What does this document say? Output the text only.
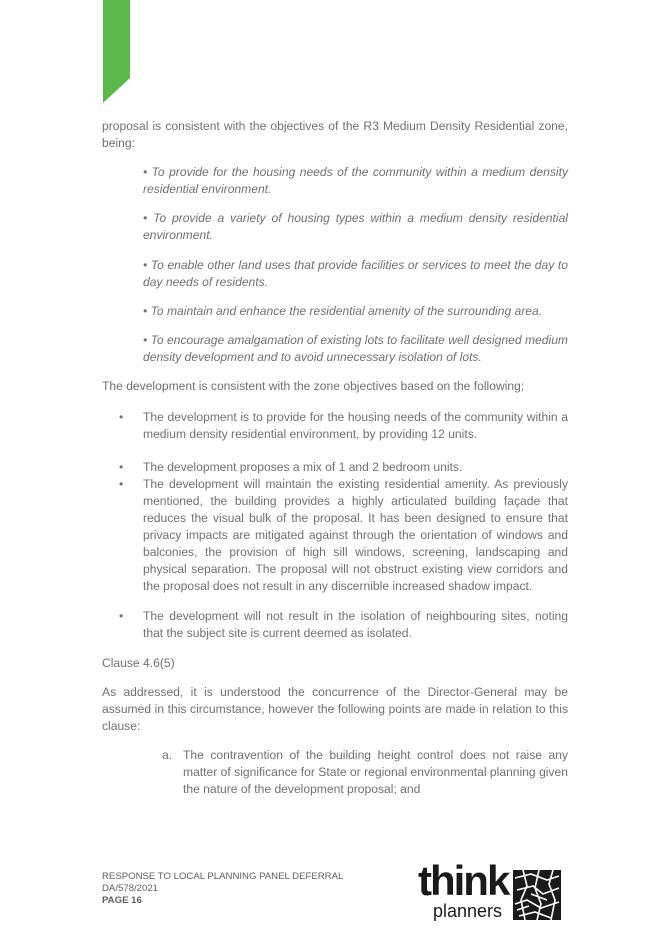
proposal is consistent with the objectives of the R3 Medium Density Residential zone, being:

• To provide for the housing needs of the community within a medium density residential environment.

• To provide a variety of housing types within a medium density residential environment.

• To enable other land uses that provide facilities or services to meet the day to day needs of residents.

• To maintain and enhance the residential amenity of the surrounding area.

• To encourage amalgamation of existing lots to facilitate well designed medium density development and to avoid unnecessary isolation of lots.

The development is consistent with the zone objectives based on the following;

• The development is to provide for the housing needs of the community within a medium density residential environment, by providing 12 units.

• The development proposes a mix of 1 and 2 bedroom units.

• The development will maintain the existing residential amenity. As previously mentioned, the building provides a highly articulated building façade that reduces the visual bulk of the proposal. It has been designed to ensure that privacy impacts are mitigated against through the orientation of windows and balconies, the provision of high sill windows, screening, landscaping and physical separation. The proposal will not obstruct existing view corridors and the proposal does not result in any discernible increased shadow impact.

• The development will not result in the isolation of neighbouring sites, noting that the subject site is current deemed as isolated.

Clause 4.6(5)

As addressed, it is understood the concurrence of the Director-General may be assumed in this circumstance, however the following points are made in relation to this clause:

a. The contravention of the building height control does not raise any matter of significance for State or regional environmental planning given the nature of the development proposal; and

RESPONSE TO LOCAL PLANNING PANEL DEFERRAL
DA/578/2021
PAGE 16	think
planners
